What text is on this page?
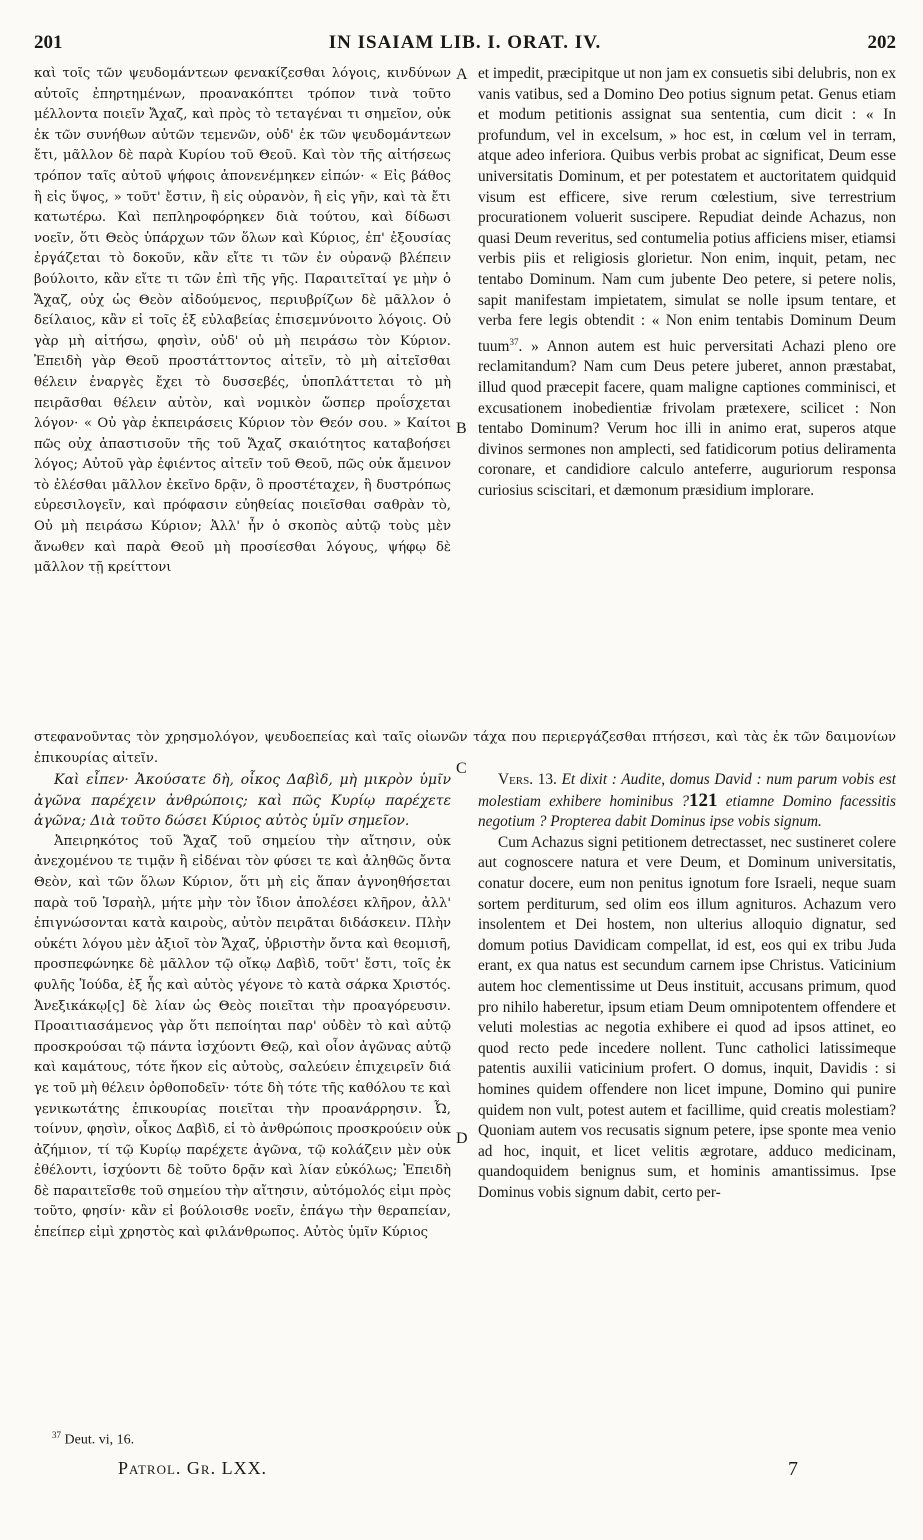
201	IN ISAIAM LIB. I. ORAT. IV.	202

καὶ τοῖς τῶν ψευδομάντεων φενακίζεσθαι λόγοις, κινδύνων αὐτοῖς ἐπηρτημένων, προανακόπτει τρόπον τινὰ τοῦτο μέλλοντα ποιεῖν Ἄχαζ, καὶ πρὸς τὸ τεταγέναι τι σημεῖον, οὐκ ἐκ τῶν συνήθων αὐτῶν τεμενῶν, οὐδ' ἐκ τῶν ψευδομάντεων ἔτι, μᾶλλον δὲ παρὰ Κυρίου τοῦ Θεοῦ. Καὶ τὸν τῆς αἰτήσεως τρόπον ταῖς αὐτοῦ ψήφοις ἀπονενέμηκεν εἰπών· « Εἰς βάθος ἢ εἰς ὕψος, » τοῦτ' ἔστιν, ἢ εἰς οὐρανὸν, ἢ εἰς γῆν, καὶ τὰ ἔτι κατωτέρω. Καὶ πεπληροφόρηκεν διὰ τούτου, καὶ δίδωσι νοεῖν, ὅτι Θεὸς ὑπάρχων τῶν ὅλων καὶ Κύριος, ἐπ' ἐξουσίας ἐργάζεται τὸ δοκοῦν, κἂν εἴτε τι τῶν ἐν οὐρανῷ βλέπειν βούλοιτο, κἂν εἴτε τι τῶν ἐπὶ τῆς γῆς. Παραιτεῖταί γε μὴν ὁ Ἄχαζ, οὐχ ὡς Θεὸν αἰδούμενος, περιυβρίζων δὲ μᾶλλον ὁ δείλαιος, κἂν εἰ τοῖς ἐξ εὐλαβείας ἐπισεμνύνοιτο λόγοις. Οὐ γὰρ μὴ αἰτήσω, φησὶν, οὐδ' οὐ μὴ πειράσω τὸν Κύριον. Ἐπειδὴ γὰρ Θεοῦ προστάττοντος αἰτεῖν, τὸ μὴ αἰτεῖσθαι θέλειν ἐναργὲς ἔχει τὸ δυσσεβές, ὑποπλάττεται τὸ μὴ πειρᾶσθαι θέλειν αὐτὸν, καὶ νομικὸν ὥσπερ προΐσχεται λόγον· « Οὐ γὰρ ἐκπειράσεις Κύριον τὸν Θεόν σου. » Καίτοι πῶς οὐχ ἀπαστισοῦν τῆς τοῦ Ἄχαζ σκαιότητος καταβοήσει λόγος; Αὐτοῦ γὰρ ἐφιέντος αἰτεῖν τοῦ Θεοῦ, πῶς οὐκ ἄμεινον τὸ ἐλέσθαι μᾶλλον ἐκεῖνο δρᾷν, ὃ προστέταχεν, ἢ δυστρόπως εὑρεσιλογεῖν, καὶ πρόφασιν εὐηθείας ποιεῖσθαι σαθρὰν τὸ, Οὐ μὴ πειράσω Κύριον; Ἀλλ' ἦν ὁ σκοπὸς αὐτῷ τοὺς μὲν ἄνωθεν καὶ παρὰ Θεοῦ μὴ προσίεσθαι λόγους, ψήφῳ δὲ μᾶλλον τῇ κρείττονι

et impedit, præcipitque ut non jam ex consuetis sibi delubris, non ex vanis vatibus, sed a Domino Deo potius signum petat. Genus etiam et modum petitionis assignat sua sententia, cum dicit : « In profundum, vel in excelsum, » hoc est, in cœlum vel in terram, atque adeo inferiora. Quibus verbis probat ac significat, Deum esse universitatis Dominum, et per potestatem et auctoritatem quidquid visum est efficere, sive rerum cœlestium, sive terrestrium procurationem voluerit suscipere. Repudiat deinde Achazus, non quasi Deum reveritus, sed contumelia potius afficiens miser, etiamsi verbis piis et religiosis glorietur. Non enim, inquit, petam, nec tentabo Dominum. Nam cum jubente Deo petere, si petere nolis, sapit manifestam impietatem, simulat se nolle ipsum tentare, et verba fere legis obtendit : « Non enim tentabis Dominum Deum tuum$^{37}$. » Annon autem est huic perversitati Achazi pleno ore reclamitandum? Nam cum Deus petere juberet, annon præstabat, illud quod præcepit facere, quam maligne captiones comminisci, et excusationem inobedientiæ frivolam prætexere, scilicet : Non tentabo Dominum? Verum hoc illi in animo erat, superos atque divinos sermones non amplecti, sed fatidicorum potius deliramenta coronare, et candidiore calculo anteferre, auguriorum responsa curiosius sciscitari, et dæmonum præsidium implorare.

A
B
C
D
στεφανοῦντας τὸν χρησμολόγον, ψευδοεπείας καὶ ταῖς οἰωνῶν τάχα που περιεργάζεσθαι πτήσεσι, καὶ τὰς ἐκ τῶν δαιμονίων ἐπικουρίας αἰτεῖν.

Καὶ εἶπεν· Ἀκούσατε δὴ, οἶκος Δαβὶδ, μὴ μικρὸν ὑμῖν ἀγῶνα παρέχειν ἀνθρώποις; καὶ πῶς Κυρίῳ παρέχετε ἀγῶνα; Διὰ τοῦτο δώσει Κύριος αὐτὸς ὑμῖν σημεῖον.

Ἀπειρηκότος τοῦ Ἄχαζ τοῦ σημείου τὴν αἴτησιν, οὐκ ἀνεχομένου τε τιμᾷν ἢ εἰδέναι τὸν φύσει τε καὶ ἀληθῶς ὄντα Θεὸν, καὶ τῶν ὅλων Κύριον, ὅτι μὴ εἰς ἅπαν ἀγνοηθήσεται παρὰ τοῦ Ἰσραὴλ, μήτε μὴν τὸν ἴδιον ἀπολέσει κλῆρον, ἀλλ' ἐπιγνώσονται κατὰ καιροὺς, αὐτὸν πειρᾶται διδάσκειν. Πλὴν οὐκέτι λόγου μὲν ἀξιοῖ τὸν Ἄχαζ, ὑβριστὴν ὄντα καὶ θεομισῆ, προσπεφώνηκε δὲ μᾶλλον τῷ οἴκῳ Δαβὶδ, τοῦτ' ἔστι, τοῖς ἐκ φυλῆς Ἰούδα, ἐξ ἧς καὶ αὐτὸς γέγονε τὸ κατὰ σάρκα Χριστός. Ἀνεξικάκῳ[ς] δὲ λίαν ὡς Θεὸς ποιεῖται τὴν προαγόρευσιν. Προαιτιασάμενος γὰρ ὅτι πεποίηται παρ' οὐδὲν τὸ καὶ αὐτῷ προσκρούσαι τῷ πάντα ἰσχύοντι Θεῷ, καὶ οἷον ἀγῶνας αὐτῷ καὶ καμάτους, τότε ἥκον εἰς αὐτοὺς, σαλεύειν ἐπιχειρεῖν διά γε τοῦ μὴ θέλειν ὀρθοποδεῖν· τότε δὴ τότε τῆς καθόλου τε καὶ γενικωτάτης ἐπικουρίας ποιεῖται τὴν προανάρρησιν. Ὦ, τοίνυν, φησὶν, οἶκος Δαβὶδ, εἰ τὸ ἀνθρώποις προσκρούειν οὐκ ἀζήμιον, τί τῷ Κυρίῳ παρέχετε ἀγῶνα, τῷ κολάζειν μὲν οὐκ ἐθέλοντι, ἰσχύοντι δὲ τοῦτο δρᾷν καὶ λίαν εὐκόλως; Ἐπειδὴ δὲ παραιτεῖσθε τοῦ σημείου τὴν αἴτησιν, αὐτόμολός εἰμι πρὸς τοῦτο, φησίν· κἂν εἰ βούλοισθε νοεῖν, ἐπάγω τὴν θεραπείαν, ἐπείπερ εἰμὶ χρηστὸς καὶ φιλάνθρωπος. Αὐτὸς ὑμῖν Κύριος

Vers. 13. Et dixit : Audite, domus David : num parum vobis est molestiam exhibere hominibus ?121 etiamne Domino facessitis negotium ? Propterea dabit Dominus ipse vobis signum.

Cum Achazus signi petitionem detrectasset, nec sustineret colere aut cognoscere natura et vere Deum, et Dominum universitatis, conatur docere, eum non penitus ignotum fore Israeli, neque suam sortem perditurum, sed olim eos illum agnituros. Achazum vero insolentem et Dei hostem, non ulterius alloquio dignatur, sed domum potius Davidicam compellat, id est, eos qui ex tribu Juda erant, ex qua natus est secundum carnem ipse Christus. Vaticinium autem hoc clementissime ut Deus instituit, accusans primum, quod pro nihilo haberetur, ipsum etiam Deum omnipotentem offendere et veluti molestias ac negotia exhibere ei quod ad ipsos attinet, eo quod recto pede incedere nollent. Tunc catholici latissimeque patentis auxilii vaticinium profert. O domus, inquit, Davidis : si homines quidem offendere non licet impune, Domino qui punire quidem non vult, potest autem et facillime, quid creatis molestiam? Quoniam autem vos recusatis signum petere, ipse sponte mea venio ad hoc, inquit, et licet velitis ægrotare, adduco medicinam, quandoquidem benignus sum, et hominis amantissimus. Ipse Dominus vobis signum dabit, certo per-

$^{37}$ Deut. vi, 16.
Patrol. Gr. LXX.	7
